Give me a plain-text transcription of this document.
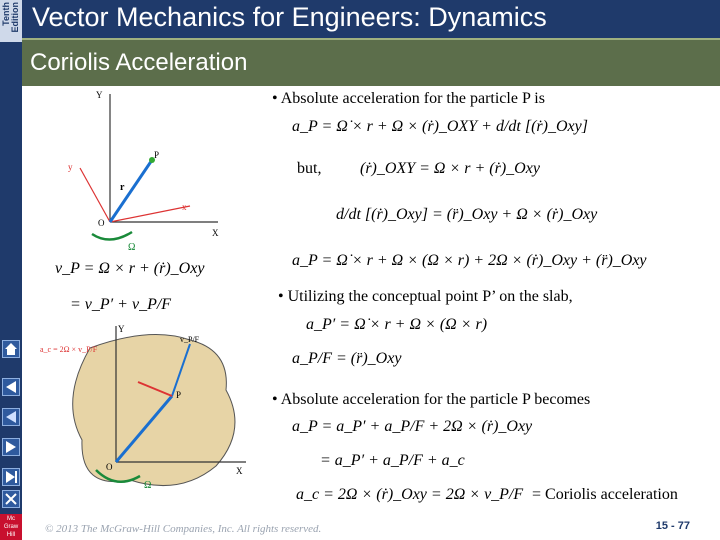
Tenth Edition
Mc Graw Hill
Vector Mechanics for Engineers: Dynamics
Coriolis Acceleration
Y
X
y
x
O
P
r
Ω
v_P = Ω × r + (ṙ)_Oxy
= v_P′ + v_P/F
Y
X
O
P
a_c = 2Ω × v_P/F
v_P/F
Ω
• Absolute acceleration for the particle P is
a_P = Ω̇ × r + Ω × (ṙ)_OXY + d/dt [(ṙ)_Oxy]
but, (ṙ)_OXY = Ω × r + (ṙ)_Oxy
d/dt [(ṙ)_Oxy] = (r̈)_Oxy + Ω × (ṙ)_Oxy
a_P = Ω̇ × r + Ω × (Ω × r) + 2Ω × (ṙ)_Oxy + (r̈)_Oxy
• Utilizing the conceptual point P’ on the slab,
a_P′ = Ω̇ × r + Ω × (Ω × r)
a_P/F = (r̈)_Oxy
• Absolute acceleration for the particle P becomes
a_P = a_P′ + a_P/F + 2Ω × (ṙ)_Oxy
= a_P′ + a_P/F + a_c
a_c = 2Ω × (ṙ)_Oxy = 2Ω × v_P/F = Coriolis acceleration
© 2013 The McGraw-Hill Companies, Inc. All rights reserved.	15 - 77
